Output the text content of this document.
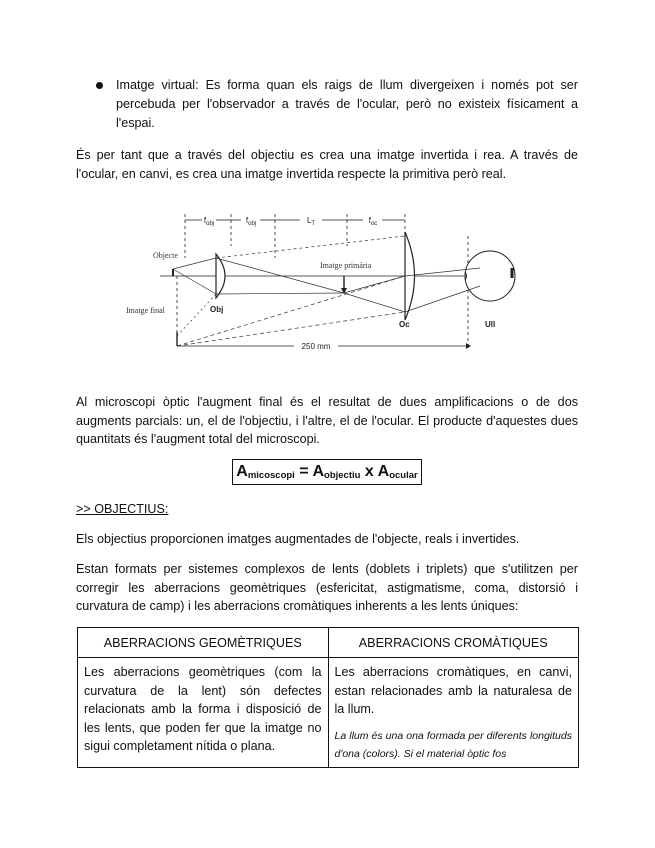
Imatge virtual: Es forma quan els raigs de llum divergeixen i només pot ser percebuda per l'observador a través de l'ocular, però no existeix físicament a l'espai.

És per tant que a través del objectiu es crea una imatge invertida i rea. A través de l'ocular, en canvi, es crea una imatge invertida respecte la primitiva però real.

$f_{obj}$	$f_{obj}$	$L_T$	$f_{oc}$
Objecte
Imatge primària
Imatge final	Obj
Oc	Ull
250 mm

Al microscopi òptic l'augment final és el resultat de dues amplificacions o de dos augments parcials: un, el de l'objectiu, i l'altre, el de l'ocular. El producte d'aquestes dues quantitats és l'augment total del microscopi.

$A_{micoscopi} = A_{objectiu}$ x $A_{ocular}$
>> OBJECTIUS:

Els objectius proporcionen imatges augmentades de l'objecte, reals i invertides.

Estan formats per sistemes complexos de lents (doblets i triplets) que s'utilitzen per corregir les aberracions geomètriques (esfericitat, astigmatisme, coma, distorsió i curvatura de camp) i les aberracions cromàtiques inherents a les lents úniques:

ABERRACIONS GEOMÈTRIQUES	ABERRACIONS CROMÀTIQUES

Les aberracions geomètriques (com la curvatura de la lent) són defectes relacionats amb la forma i disposició de les lents, que poden fer que la imatge no sigui completament nítida o plana.	Les aberracions cromàtiques, en canvi, estan relacionades amb la naturalesa de la llum.

La llum és una ona formada per diferents longituds d'ona (colors). Si el material òptic fos
